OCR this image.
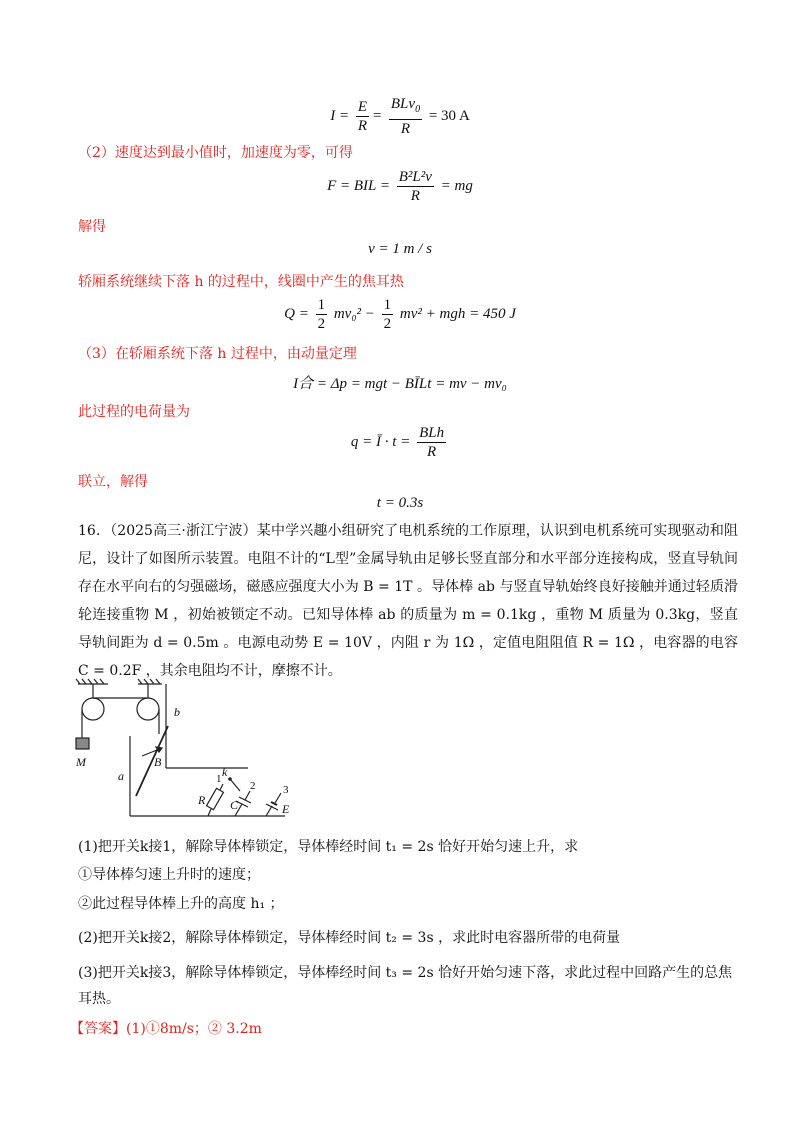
$I = \frac{E}{R} = \frac{BLv_0}{R} = 30$ A
（2）速度达到最小值时，加速度为零，可得
F = BIL = $\frac{\text{B²L²v}}{R}$ = mg
解得
v = 1 m / s
轿厢系统继续下落 h 的过程中，线圈中产生的焦耳热
$Q = \frac{1}{2} mv_0^2 - \frac{1}{2} mv^2$ + mgh = 450 J
（3）在轿厢系统下落 h 过程中，由动量定理
I合 = Δp = mgt − BĪLt = mv − mv₀
此过程的电荷量为
q = Ī · $t = \frac{\text{BLh}}{R}$
联立，解得
t = 0.3s
16．（2025高三·浙江宁波）某中学兴趣小组研究了电机系统的工作原理，认识到电机系统可实现驱动和阻尼，设计了如图所示装置。电阻不计的“L型”金属导轨由足够长竖直部分和水平部分连接构成，竖直导轨间存在水平向右的匀强磁场，磁感应强度大小为 B = 1T 。导体棒 ab 与竖直导轨始终良好接触并通过轻质滑轮连接重物 M ，初始被锁定不动。已知导体棒 ab 的质量为 m = 0.1kg ，重物 M 质量为 0.3kg，竖直导轨间距为 d = 0.5m 。电源电动势 E = 10V ，内阻 r 为 1Ω ，定值电阻阻值 R = 1Ω ，电容器的电容 C = 0.2F ，其余电阻均不计，摩擦不计。
M
a
b
B
R C	E
k
1
2	3
(1)把开关k接1，解除导体棒锁定，导体棒经时间 t₁ = 2s 恰好开始匀速上升，求
①导体棒匀速上升时的速度；
②此过程导体棒上升的高度 h₁ ；
(2)把开关k接2，解除导体棒锁定，导体棒经时间 t₂ = 3s ，求此时电容器所带的电荷量
(3)把开关k接3，解除导体棒锁定，导体棒经时间 t₃ = 2s 恰好开始匀速下落，求此过程中回路产生的总焦耳热。
【答案】(1)①8m/s；② 3.2m
